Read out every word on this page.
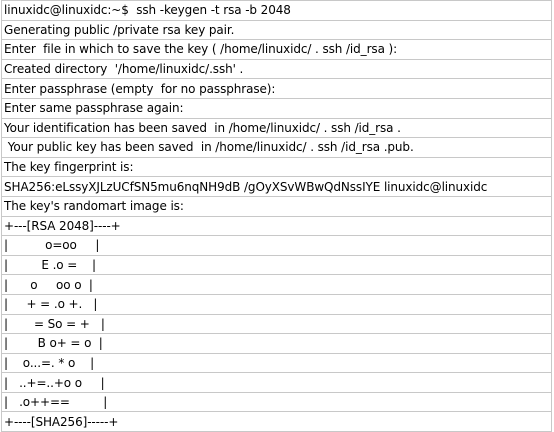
linuxidc@linuxidc:~$  ssh -keygen -t rsa -b 2048
Generating public /private rsa key pair.
Enter  file in which to save the key ( /home/linuxidc/ . ssh /id_rsa ):
Created directory  '/home/linuxidc/.ssh' .
Enter passphrase (empty  for no passphrase):
Enter same passphrase again:
Your identification has been saved  in /home/linuxidc/ . ssh /id_rsa .
Your public key has been saved  in /home/linuxidc/ . ssh /id_rsa .pub.
The key fingerprint is:
SHA256:eLssyXJLzUCfSN5mu6nqNH9dB /gOyXSvWBwQdNssIYE linuxidc@linuxidc
The key's randomart image is:
+---[RSA 2048]----+
|          o=oo     |
|         E .o =    |
|      o     oo o  |
|     + = .o +.   |
|       = So = +   |
|        B o+ = o  |
|    o...=. * o    |
|   ..+=..+o o     |
|   .o++==         |
+----[SHA256]-----+
